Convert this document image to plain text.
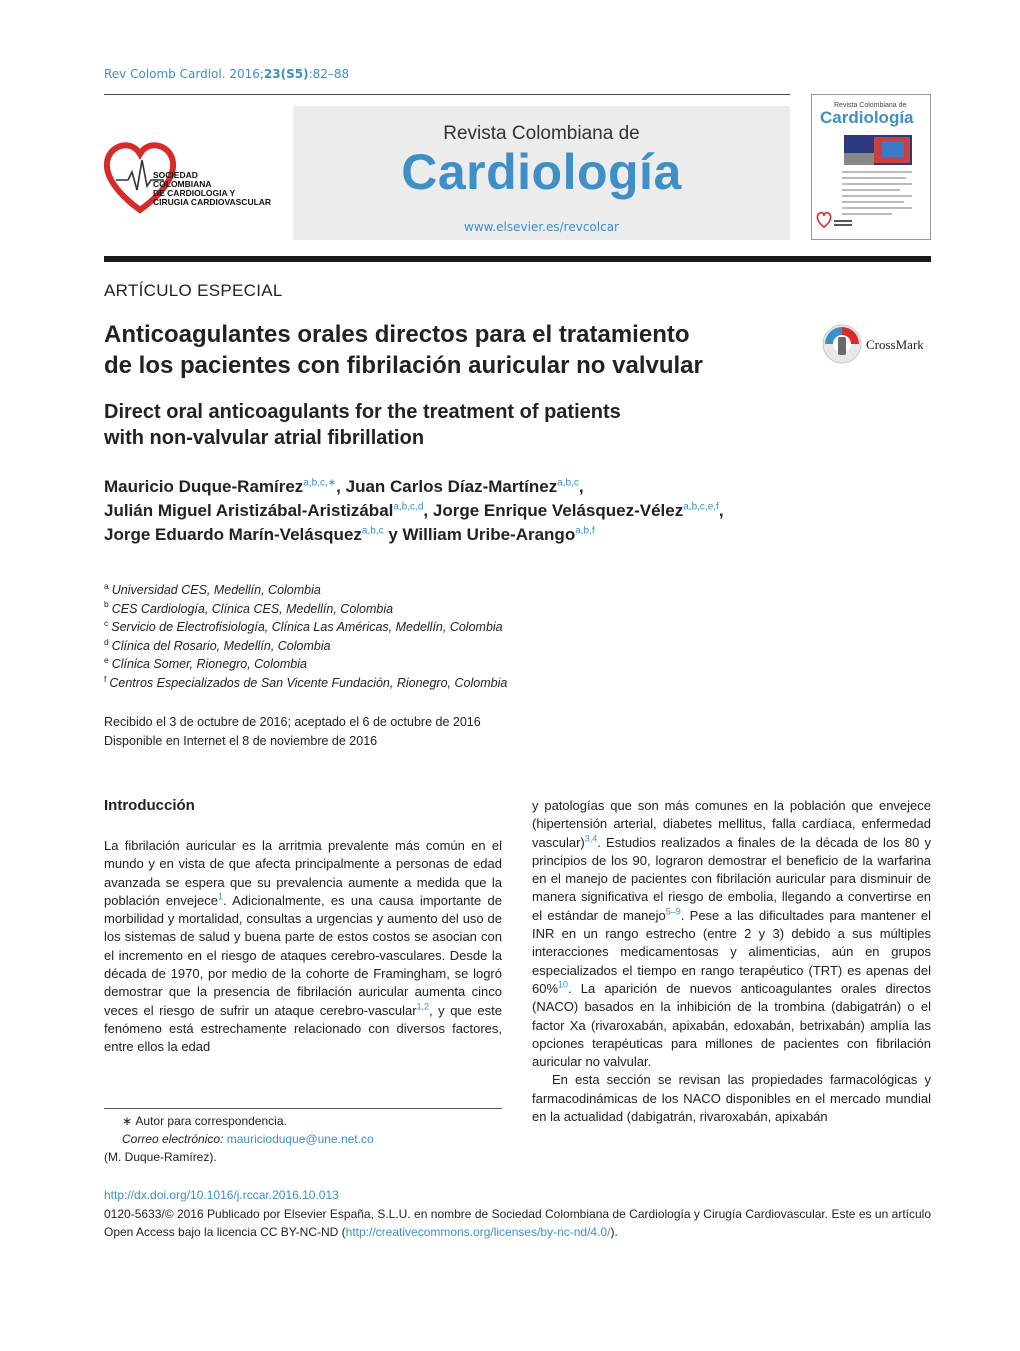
Rev Colomb Cardiol. 2016;23(S5):82–88
SOCIEDAD
COLOMBIANA
DE CARDIOLOGIA Y
CIRUGIA CARDIOVASCULAR
Revista Colombiana de
Cardiología
www.elsevier.es/revcolcar
Revista Colombiana de
Cardiología
ARTÍCULO ESPECIAL
Anticoagulantes orales directos para el tratamiento
de los pacientes con fibrilación auricular no valvular
Direct oral anticoagulants for the treatment of patients
with non-valvular atrial fibrillation
CrossMark
Mauricio Duque-Ramírez$^{a,b,c,∗}$, Juan Carlos Díaz-Martínez$^{a,b,c}$,
Julián Miguel Aristizábal-Aristizábal$^{a,b,c,d}$, Jorge Enrique Velásquez-Vélez$^{a,b,c,e,f}$,
Jorge Eduardo Marín-Velásquez$^{a,b,c}$ y William Uribe-Arango$^{a,b,f}$
$^a$ Universidad CES, Medellín, Colombia
$^b$ CES Cardiología, Clínica CES, Medellín, Colombia
$^c$ Servicio de Electrofisiología, Clínica Las Américas, Medellín, Colombia
$^d$ Clínica del Rosario, Medellín, Colombia
$^e$ Clínica Somer, Rionegro, Colombia
$^f$ Centros Especializados de San Vicente Fundación, Rionegro, Colombia
Recibido el 3 de octubre de 2016; aceptado el 6 de octubre de 2016
Disponible en Internet el 8 de noviembre de 2016
Introducción

La fibrilación auricular es la arritmia prevalente más común en el mundo y en vista de que afecta principalmente a personas de edad avanzada se espera que su prevalencia aumente a medida que la población envejece$^1$. Adicionalmente, es una causa importante de morbilidad y mortalidad, consultas a urgencias y aumento del uso de los sistemas de salud y buena parte de estos costos se asocian con el incremento en el riesgo de ataques cerebro-vasculares. Desde la década de 1970, por medio de la cohorte de Framingham, se logró demostrar que la presencia de fibrilación auricular aumenta cinco veces el riesgo de sufrir un ataque cerebro-vascular$^{1,2}$, y que este fenómeno está estrechamente relacionado con diversos factores, entre ellos la edad

y patologías que son más comunes en la población que envejece (hipertensión arterial, diabetes mellitus, falla cardíaca, enfermedad vascular)$^{3,4}$. Estudios realizados a finales de la década de los 80 y principios de los 90, lograron demostrar el beneficio de la warfarina en el manejo de pacientes con fibrilación auricular para disminuir de manera significativa el riesgo de embolia, llegando a convertirse en el estándar de manejo$^{5-9}$. Pese a las dificultades para mantener el INR en un rango estrecho (entre 2 y 3) debido a sus múltiples interacciones medicamentosas y alimenticias, aún en grupos especializados el tiempo en rango terapéutico (TRT) es apenas del 60%$^{10}$. La aparición de nuevos anticoagulantes orales directos (NACO) basados en la inhibición de la trombina (dabigatrán) o el factor Xa (rivaroxabán, apixabán, edoxabán, betrixabán) amplía las opciones terapéuticas para millones de pacientes con fibrilación auricular no valvular.

En esta sección se revisan las propiedades farmacológicas y farmacodinámicas de los NACO disponibles en el mercado mundial en la actualidad (dabigatrán, rivaroxabán, apixabán

∗ Autor para correspondencia.
Correo electrónico: mauricioduque@une.net.co
(M. Duque-Ramírez).
http://dx.doi.org/10.1016/j.rccar.2016.10.013
0120-5633/© 2016 Publicado por Elsevier España, S.L.U. en nombre de Sociedad Colombiana de Cardiología y Cirugía Cardiovascular. Este es un artículo Open Access bajo la licencia CC BY-NC-ND (http://creativecommons.org/licenses/by-nc-nd/4.0/).
